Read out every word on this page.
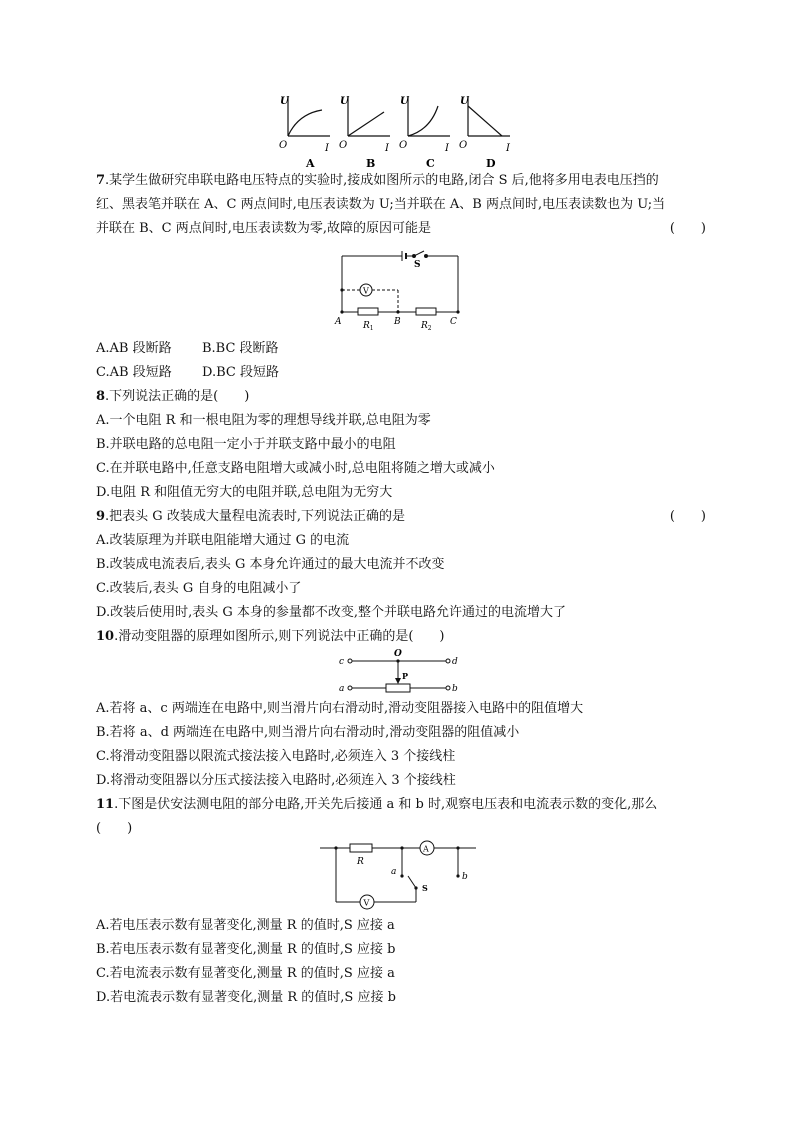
U
O	I
U
O	I
U
O	I
U
O	I
A	B	C	D
7.某学生做研究串联电路电压特点的实验时,接成如图所示的电路,闭合 S 后,他将多用电表电压挡的
红、黑表笔并联在 A、C 两点间时,电压表读数为 U;当并联在 A、B 两点间时,电压表读数也为 U;当
并联在 B、C 两点间时,电压表读数为零,故障的原因可能是	(　　)
V
S
A	B	C
$R_1$	$R_2$
A.AB 段断路 B.BC 段断路
C.AB 段短路 D.BC 段短路
8.下列说法正确的是(　　)
A.一个电阻 R 和一根电阻为零的理想导线并联,总电阻为零
B.并联电路的总电阻一定小于并联支路中最小的电阻
C.在并联电路中,任意支路电阻增大或减小时,总电阻将随之增大或减小
D.电阻 R 和阻值无穷大的电阻并联,总电阻为无穷大
9.把表头 G 改装成大量程电流表时,下列说法正确的是	(　　)
A.改装原理为并联电阻能增大通过 G 的电流
B.改装成电流表后,表头 G 本身允许通过的最大电流并不改变
C.改装后,表头 G 自身的电阻减小了
D.改装后使用时,表头 G 本身的参量都不改变,整个并联电路允许通过的电流增大了
10.滑动变阻器的原理如图所示,则下列说法中正确的是(　　)
c
O
d
a
P
b
A.若将 a、c 两端连在电路中,则当滑片向右滑动时,滑动变阻器接入电路中的阻值增大
B.若将 a、d 两端连在电路中,则当滑片向右滑动时,滑动变阻器的阻值减小
C.将滑动变阻器以限流式接法接入电路时,必须连入 3 个接线柱
D.将滑动变阻器以分压式接法接入电路时,必须连入 3 个接线柱
11.下图是伏安法测电阻的部分电路,开关先后接通 a 和 b 时,观察电压表和电流表示数的变化,那么
(　　)
R
A
V
a	b
S
A.若电压表示数有显著变化,测量 R 的值时,S 应接 a
B.若电压表示数有显著变化,测量 R 的值时,S 应接 b
C.若电流表示数有显著变化,测量 R 的值时,S 应接 a
D.若电流表示数有显著变化,测量 R 的值时,S 应接 b
